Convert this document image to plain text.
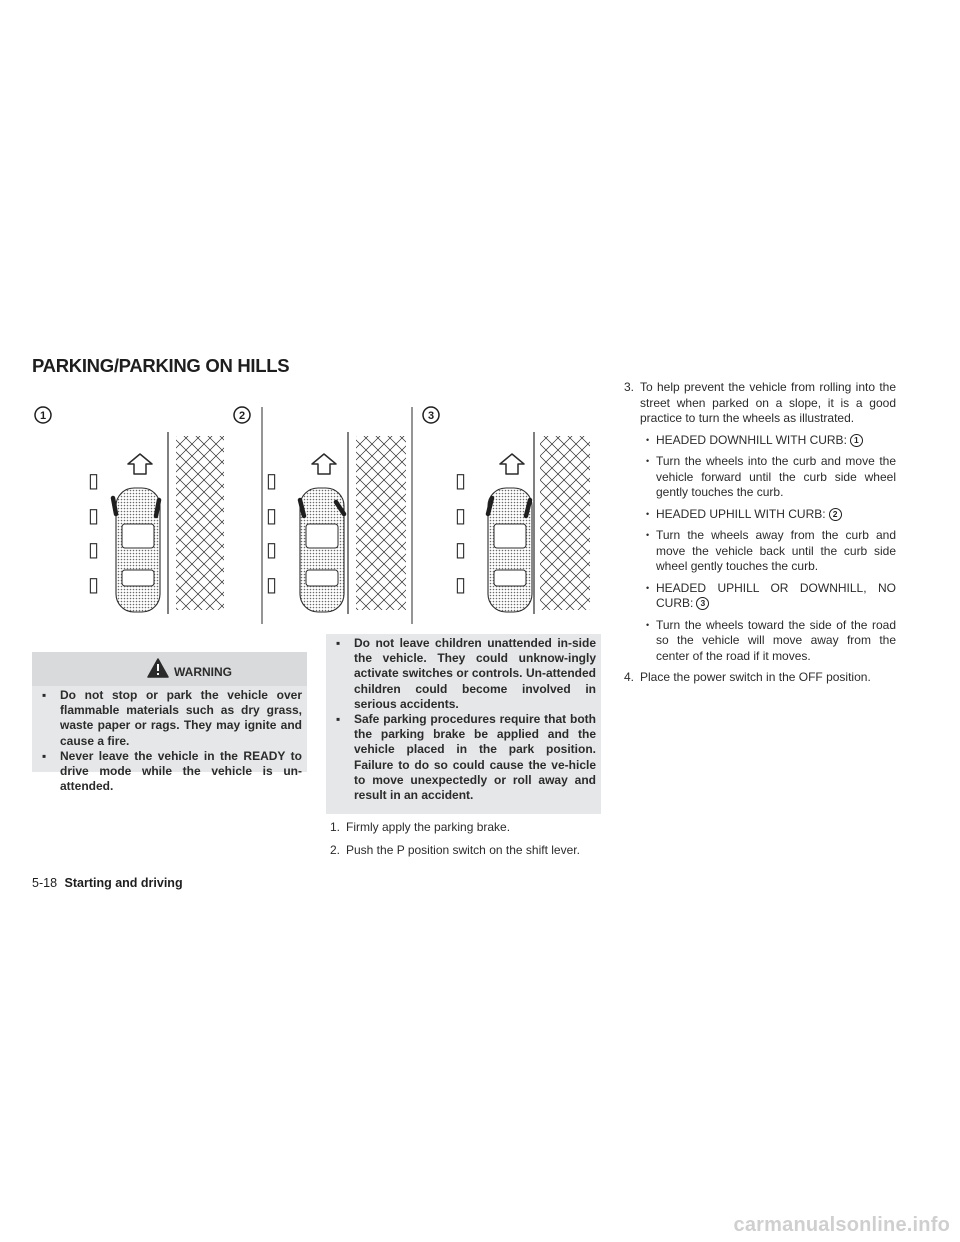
PARKING/PARKING ON HILLS
1
▯
▯
▯
▯
2
▯
▯
▯
▯
3
▯
▯
▯
▯
WARNING
▪ Do not stop or park the vehicle over flammable materials such as dry grass, waste paper or rags. They may ignite and cause a fire.
▪ Never leave the vehicle in the READY to drive mode while the vehicle is un-attended.
▪ Do not leave children unattended in-side the vehicle. They could unknow-ingly activate switches or controls. Un-attended children could become involved in serious accidents.
▪ Safe parking procedures require that both the parking brake be applied and the vehicle placed in the park position. Failure to do so could cause the ve-hicle to move unexpectedly or roll away and result in an accident.
1. Firmly apply the parking brake.
2. Push the P position switch on the shift lever.
3. To help prevent the vehicle from rolling into the street when parked on a slope, it is a good practice to turn the wheels as illustrated.
• HEADED DOWNHILL WITH CURB: 1
• Turn the wheels into the curb and move the vehicle forward until the curb side wheel gently touches the curb.
• HEADED UPHILL WITH CURB: 2
• Turn the wheels away from the curb and move the vehicle back until the curb side wheel gently touches the curb.
• HEADED UPHILL OR DOWNHILL, NO CURB: 3
• Turn the wheels toward the side of the road so the vehicle will move away from the center of the road if it moves.
4. Place the power switch in the OFF position.
5-18 Starting and driving
carmanualsonline.info
